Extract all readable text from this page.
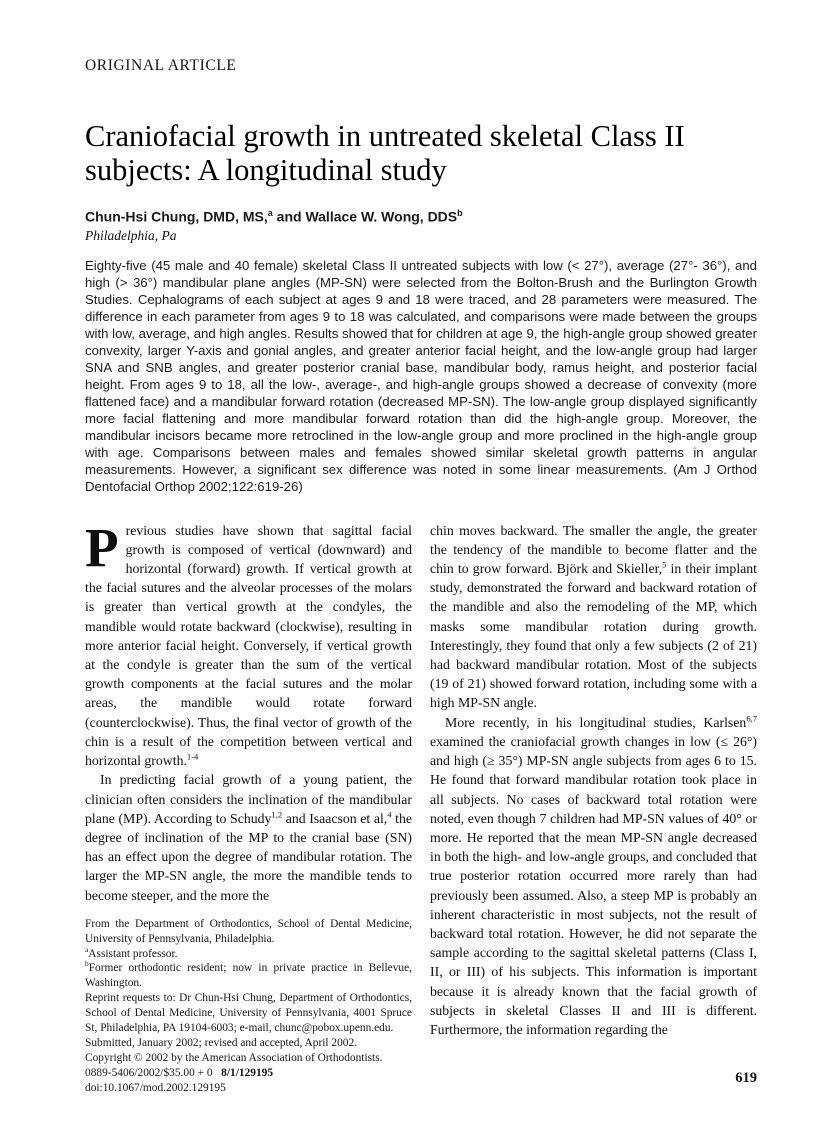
ORIGINAL ARTICLE
Craniofacial growth in untreated skeletal Class II subjects: A longitudinal study
Chun-Hsi Chung, DMD, MS,$^a$ and Wallace W. Wong, DDS$^b$
Philadelphia, Pa
Eighty-five (45 male and 40 female) skeletal Class II untreated subjects with low (< 27°), average (27°- 36°), and high (> 36°) mandibular plane angles (MP-SN) were selected from the Bolton-Brush and the Burlington Growth Studies. Cephalograms of each subject at ages 9 and 18 were traced, and 28 parameters were measured. The difference in each parameter from ages 9 to 18 was calculated, and comparisons were made between the groups with low, average, and high angles. Results showed that for children at age 9, the high-angle group showed greater convexity, larger Y-axis and gonial angles, and greater anterior facial height, and the low-angle group had larger SNA and SNB angles, and greater posterior cranial base, mandibular body, ramus height, and posterior facial height. From ages 9 to 18, all the low-, average-, and high-angle groups showed a decrease of convexity (more flattened face) and a mandibular forward rotation (decreased MP-SN). The low-angle group displayed significantly more facial flattening and more mandibular forward rotation than did the high-angle group. Moreover, the mandibular incisors became more retroclined in the low-angle group and more proclined in the high-angle group with age. Comparisons between males and females showed similar skeletal growth patterns in angular measurements. However, a significant sex difference was noted in some linear measurements. (Am J Orthod Dentofacial Orthop 2002;122:619-26)
Previous studies have shown that sagittal facial growth is composed of vertical (downward) and horizontal (forward) growth. If vertical growth at the facial sutures and the alveolar processes of the molars is greater than vertical growth at the condyles, the mandible would rotate backward (clockwise), resulting in more anterior facial height. Conversely, if vertical growth at the condyle is greater than the sum of the vertical growth components at the facial sutures and the molar areas, the mandible would rotate forward (counterclockwise). Thus, the final vector of growth of the chin is a result of the competition between vertical and horizontal growth.$^{1-4}$
In predicting facial growth of a young patient, the clinician often considers the inclination of the mandibular plane (MP). According to Schudy$^{1,2}$ and Isaacson et al,$^4$ the degree of inclination of the MP to the cranial base (SN) has an effect upon the degree of mandibular rotation. The larger the MP-SN angle, the more the mandible tends to become steeper, and the more the
From the Department of Orthodontics, School of Dental Medicine, University of Pennsylvania, Philadelphia.
$^a$Assistant professor.
$^b$Former orthodontic resident; now in private practice in Bellevue, Washington.
Reprint requests to: Dr Chun-Hsi Chung, Department of Orthodontics, School of Dental Medicine, University of Pennsylvania, 4001 Spruce St, Philadelphia, PA 19104-6003; e-mail, chunc@pobox.upenn.edu.
Submitted, January 2002; revised and accepted, April 2002.
Copyright © 2002 by the American Association of Orthodontists.
0889-5406/2002/$35.00 + 0   8/1/129195
doi:10.1067/mod.2002.129195
chin moves backward. The smaller the angle, the greater the tendency of the mandible to become flatter and the chin to grow forward. Björk and Skieller,$^5$ in their implant study, demonstrated the forward and backward rotation of the mandible and also the remodeling of the MP, which masks some mandibular rotation during growth. Interestingly, they found that only a few subjects (2 of 21) had backward mandibular rotation. Most of the subjects (19 of 21) showed forward rotation, including some with a high MP-SN angle.
More recently, in his longitudinal studies, Karlsen$^{6,7}$ examined the craniofacial growth changes in low (≤ 26°) and high (≥ 35°) MP-SN angle subjects from ages 6 to 15. He found that forward mandibular rotation took place in all subjects. No cases of backward total rotation were noted, even though 7 children had MP-SN values of 40° or more. He reported that the mean MP-SN angle decreased in both the high- and low-angle groups, and concluded that true posterior rotation occurred more rarely than had previously been assumed. Also, a steep MP is probably an inherent characteristic in most subjects, not the result of backward total rotation. However, he did not separate the sample according to the sagittal skeletal patterns (Class I, II, or III) of his subjects. This information is important because it is already known that the facial growth of subjects in skeletal Classes II and III is different. Furthermore, the information regarding the
619
